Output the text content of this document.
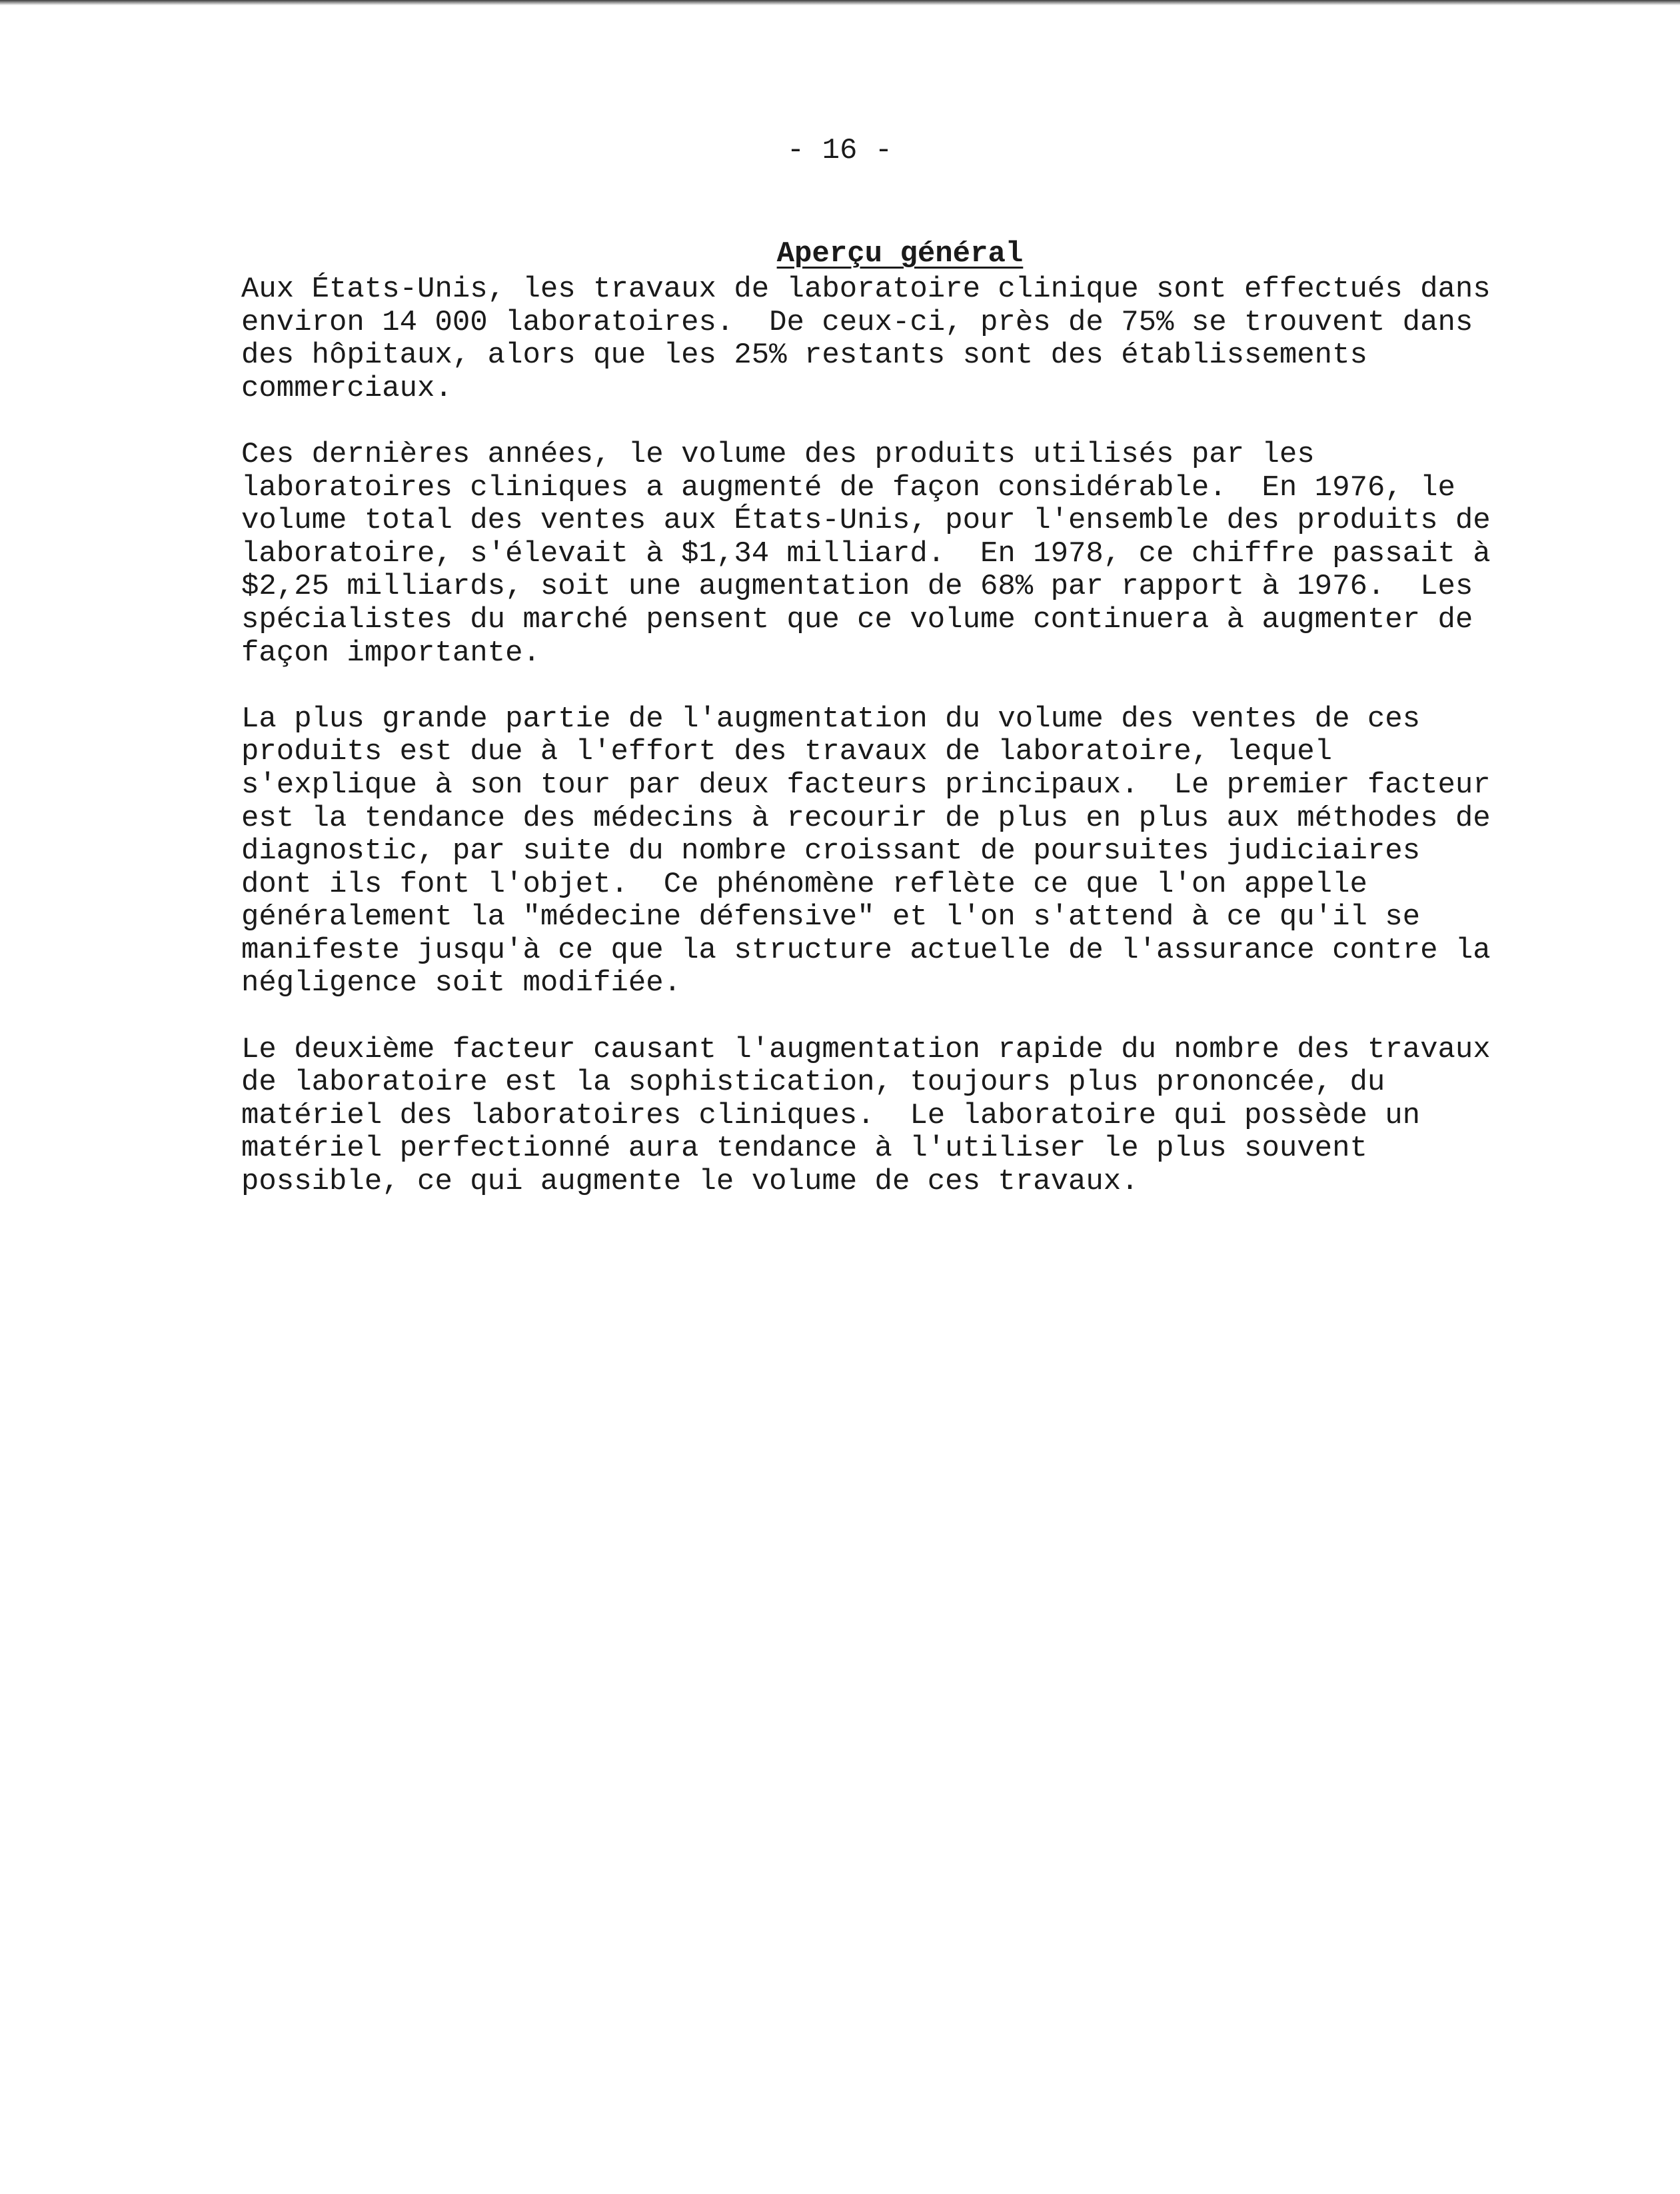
- 16 -

Aperçu général

Aux États-Unis, les travaux de laboratoire clinique sont effectués dans
environ 14 000 laboratoires.  De ceux-ci, près de 75% se trouvent dans
des hôpitaux, alors que les 25% restants sont des établissements
commerciaux.
Ces dernières années, le volume des produits utilisés par les
laboratoires cliniques a augmenté de façon considérable.  En 1976, le
volume total des ventes aux États-Unis, pour l'ensemble des produits de
laboratoire, s'élevait à $1,34 milliard.  En 1978, ce chiffre passait à
$2,25 milliards, soit une augmentation de 68% par rapport à 1976.  Les
spécialistes du marché pensent que ce volume continuera à augmenter de
façon importante.
La plus grande partie de l'augmentation du volume des ventes de ces
produits est due à l'effort des travaux de laboratoire, lequel
s'explique à son tour par deux facteurs principaux.  Le premier facteur
est la tendance des médecins à recourir de plus en plus aux méthodes de
diagnostic, par suite du nombre croissant de poursuites judiciaires
dont ils font l'objet.  Ce phénomène reflète ce que l'on appelle
généralement la "médecine défensive" et l'on s'attend à ce qu'il se
manifeste jusqu'à ce que la structure actuelle de l'assurance contre la
négligence soit modifiée.
Le deuxième facteur causant l'augmentation rapide du nombre des travaux
de laboratoire est la sophistication, toujours plus prononcée, du
matériel des laboratoires cliniques.  Le laboratoire qui possède un
matériel perfectionné aura tendance à l'utiliser le plus souvent
possible, ce qui augmente le volume de ces travaux.
